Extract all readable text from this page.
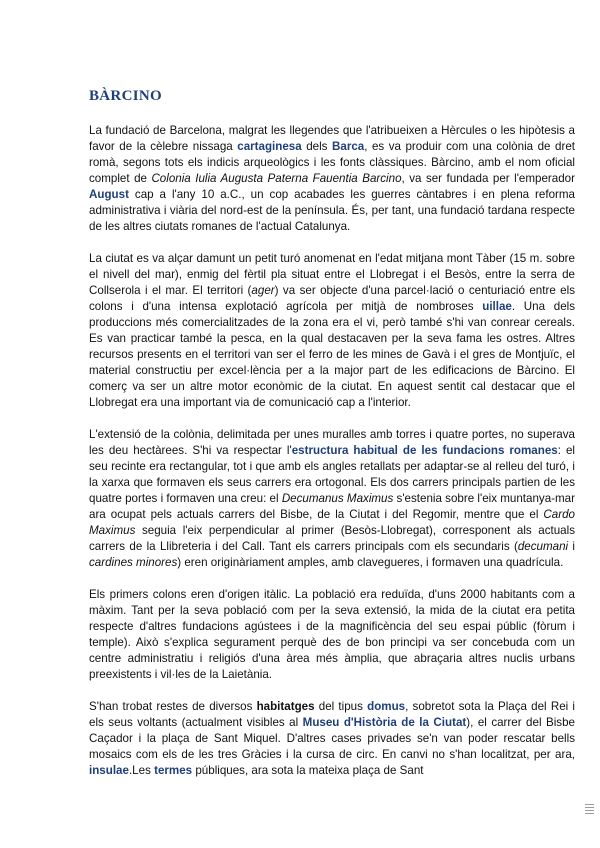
BÀRCINO

La fundació de Barcelona, malgrat les llegendes que l'atribueixen a Hèrcules o les hipòtesis a favor de la cèlebre nissaga cartaginesa dels Barca, es va produir com una colònia de dret romà, segons tots els indicis arqueològics i les fonts clàssiques. Bàrcino, amb el nom oficial complet de Colonia Iulia Augusta Paterna Fauentia Barcino, va ser fundada per l'emperador August cap a l'any 10 a.C., un cop acabades les guerres càntabres i en plena reforma administrativa i viària del nord-est de la península. És, per tant, una fundació tardana respecte de les altres ciutats romanes de l'actual Catalunya.

La ciutat es va alçar damunt un petit turó anomenat en l'edat mitjana mont Tàber (15 m. sobre el nivell del mar), enmig del fèrtil pla situat entre el Llobregat i el Besòs, entre la serra de Collserola i el mar. El territori (ager) va ser objecte d'una parcel·lació o centuriació entre els colons i d'una intensa explotació agrícola per mitjà de nombroses uillae. Una dels produccions més comercialitzades de la zona era el vi, però també s'hi van conrear cereals. Es van practicar també la pesca, en la qual destacaven per la seva fama les ostres. Altres recursos presents en el territori van ser el ferro de les mines de Gavà i el gres de Montjuïc, el material constructiu per excel·lència per a la major part de les edificacions de Bàrcino. El comerç va ser un altre motor econòmic de la ciutat. En aquest sentit cal destacar que el Llobregat era una important via de comunicació cap a l'interior.

L'extensió de la colònia, delimitada per unes muralles amb torres i quatre portes, no superava les deu hectàrees. S'hi va respectar l'estructura habitual de les fundacions romanes: el seu recinte era rectangular, tot i que amb els angles retallats per adaptar-se al relleu del turó, i la xarxa que formaven els seus carrers era ortogonal. Els dos carrers principals partien de les quatre portes i formaven una creu: el Decumanus Maximus s'estenia sobre l'eix muntanya-mar ara ocupat pels actuals carrers del Bisbe, de la Ciutat i del Regomir, mentre que el Cardo Maximus seguia l'eix perpendicular al primer (Besòs-Llobregat), corresponent als actuals carrers de la Llibreteria i del Call. Tant els carrers principals com els secundaris (decumani i cardines minores) eren originàriament amples, amb clavegueres, i formaven una quadrícula.

Els primers colons eren d'origen itàlic. La població era reduïda, d'uns 2000 habitants com a màxim. Tant per la seva població com per la seva extensió, la mida de la ciutat era petita respecte d'altres fundacions agústees i de la magnificència del seu espai públic (fòrum i temple). Això s'explica segurament perquè des de bon principi va ser concebuda com un centre administratiu i religiós d'una àrea més àmplia, que abraçaria altres nuclis urbans preexistents i vil·les de la Laietània.

S'han trobat restes de diversos habitatges del tipus domus, sobretot sota la Plaça del Rei i els seus voltants (actualment visibles al Museu d'Història de la Ciutat), el carrer del Bisbe Caçador i la plaça de Sant Miquel. D'altres cases privades se'n van poder rescatar bells mosaics com els de les tres Gràcies i la cursa de circ. En canvi no s'han localitzat, per ara, insulae.Les termes públiques, ara sota la mateixa plaça de Sant
